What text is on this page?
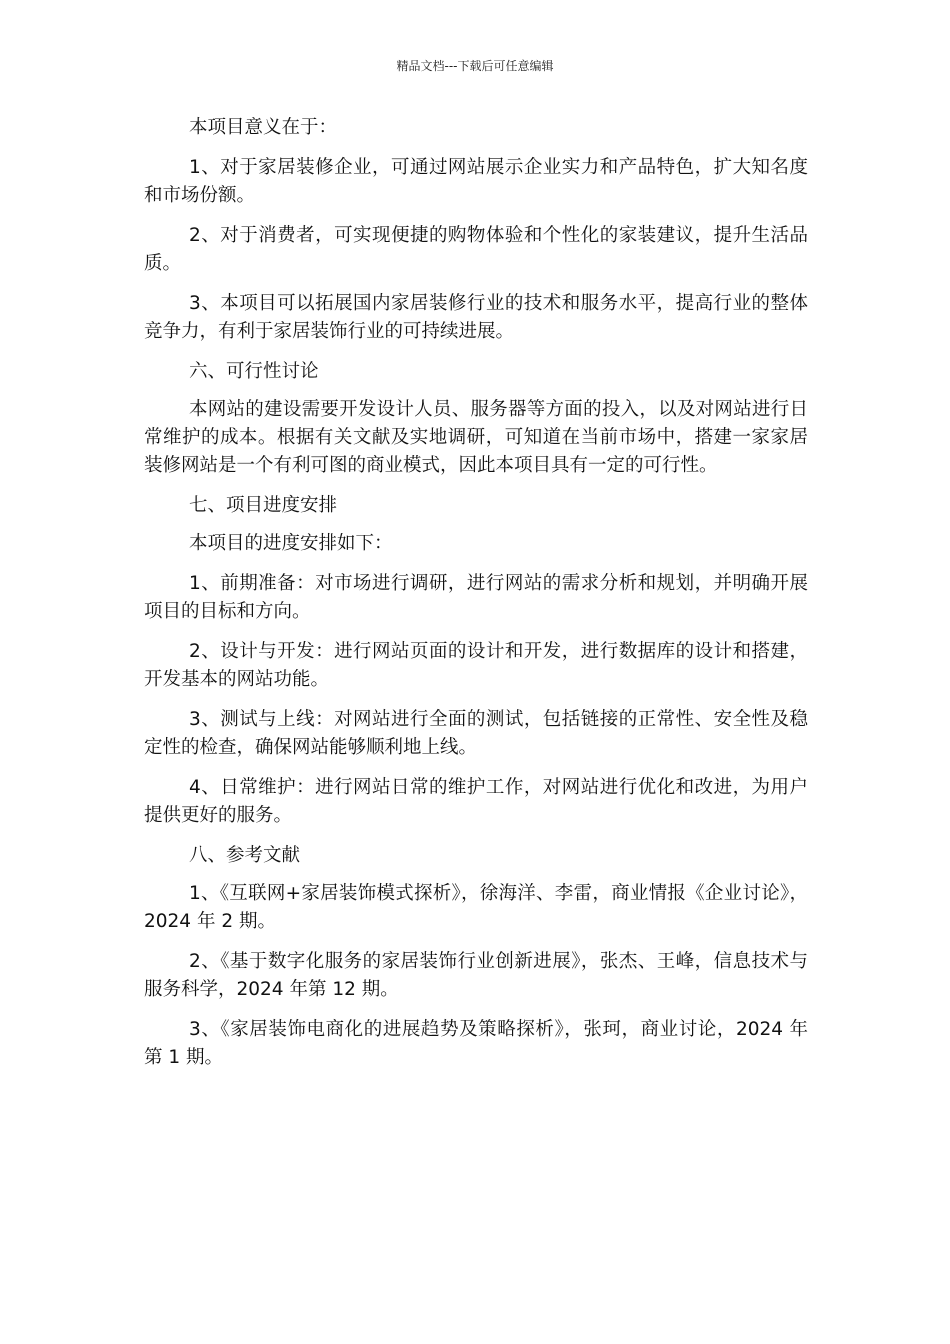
精品文档---下载后可任意编辑

本项目意义在于：

1、对于家居装修企业，可通过网站展示企业实力和产品特色，扩大知名度和市场份额。

2、对于消费者，可实现便捷的购物体验和个性化的家装建议，提升生活品质。

3、本项目可以拓展国内家居装修行业的技术和服务水平，提高行业的整体竞争力，有利于家居装饰行业的可持续进展。

六、可行性讨论

本网站的建设需要开发设计人员、服务器等方面的投入，以及对网站进行日常维护的成本。根据有关文献及实地调研，可知道在当前市场中，搭建一家家居装修网站是一个有利可图的商业模式，因此本项目具有一定的可行性。

七、项目进度安排

本项目的进度安排如下：

1、前期准备：对市场进行调研，进行网站的需求分析和规划，并明确开展项目的目标和方向。

2、设计与开发：进行网站页面的设计和开发，进行数据库的设计和搭建，开发基本的网站功能。

3、测试与上线：对网站进行全面的测试，包括链接的正常性、安全性及稳定性的检查，确保网站能够顺利地上线。

4、日常维护：进行网站日常的维护工作，对网站进行优化和改进，为用户提供更好的服务。

八、参考文献

1、《互联网+家居装饰模式探析》，徐海洋、李雷，商业情报《企业讨论》，2024 年 2 期。

2、《基于数字化服务的家居装饰行业创新进展》，张杰、王峰，信息技术与服务科学，2024 年第 12 期。

3、《家居装饰电商化的进展趋势及策略探析》，张珂，商业讨论，2024 年第 1 期。
